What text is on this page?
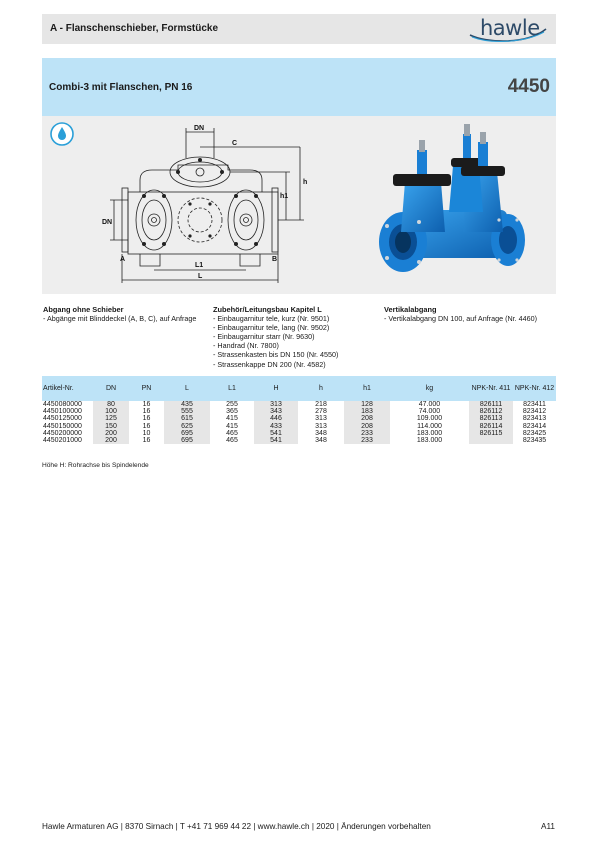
A - Flanschenschieber, Formstücke	hawle
Combi-3 mit Flanschen, PN 16	4450
DN
C
h
h1
DN
A	B
L1
L
Abgang ohne Schieber
- Abgänge mit Blinddeckel (A, B, C), auf Anfrage
Zubehör/Leitungsbau Kapitel L
- Einbaugarnitur tele, kurz (Nr. 9501)
- Einbaugarnitur tele, lang (Nr. 9502)
- Einbaugarnitur starr (Nr. 9630)
- Handrad (Nr. 7800)
- Strassenkasten bis DN 150 (Nr. 4550)
- Strassenkappe DN 200 (Nr. 4582)
Vertikalabgang
- Vertikalabgang DN 100, auf Anfrage (Nr. 4460)
Artikel-Nr.	DN	PN	L	L1	H	h	h1	kg	NPK-Nr. 411	NPK-Nr. 412
4450080000	80	16	435	255	313	218	128	47.000	826111	823411
4450100000	100	16	555	365	343	278	183	74.000	826112	823412
4450125000	125	16	615	415	446	313	208	109.000	826113	823413
4450150000	150	16	625	415	433	313	208	114.000	826114	823414
4450200000	200	10	695	465	541	348	233	183.000	826115	823425
4450201000	200	16	695	465	541	348	233	183.000		823435
Höhe H: Rohrachse bis Spindelende
Hawle Armaturen AG | 8370 Sirnach | T +41 71 969 44 22 | www.hawle.ch | 2020 | Änderungen vorbehalten	A11
